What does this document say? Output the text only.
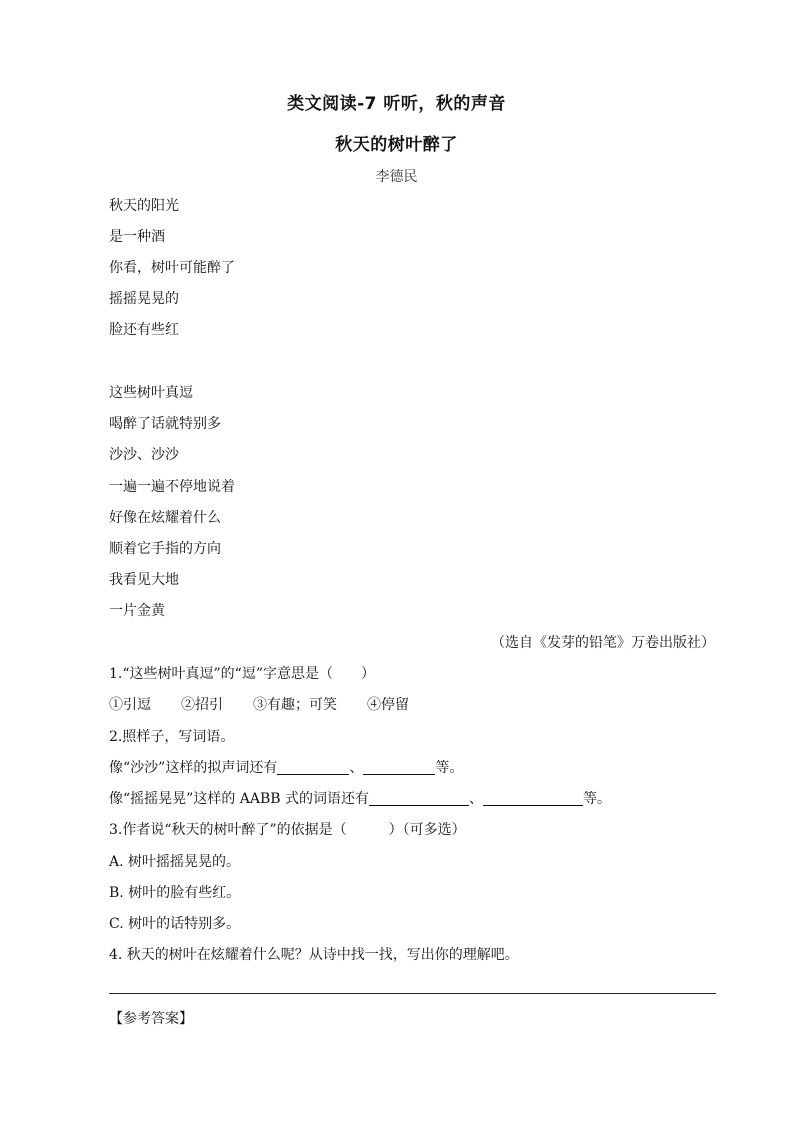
类文阅读-7 听听，秋的声音
秋天的树叶醉了
李德民
秋天的阳光
是一种酒
你看，树叶可能醉了
摇摇晃晃的
脸还有些红
这些树叶真逗
喝醉了话就特别多
沙沙、沙沙
一遍一遍不停地说着
好像在炫耀着什么
顺着它手指的方向
我看见大地
一片金黄
（选自《发芽的铅笔》万卷出版社）
1.“这些树叶真逗”的“逗”字意思是（　　）
①引逗 ②招引 ③有趣；可笑 ④停留
2.照样子，写词语。
像“沙沙”这样的拟声词还有	、	等。
像“摇摇晃晃”这样的 AABB 式的词语还有	、	等。
3.作者说“秋天的树叶醉了”的依据是（　　　）（可多选）
A. 树叶摇摇晃晃的。
B. 树叶的脸有些红。
C. 树叶的话特别多。
4. 秋天的树叶在炫耀着什么呢？从诗中找一找，写出你的理解吧。
【参考答案】
